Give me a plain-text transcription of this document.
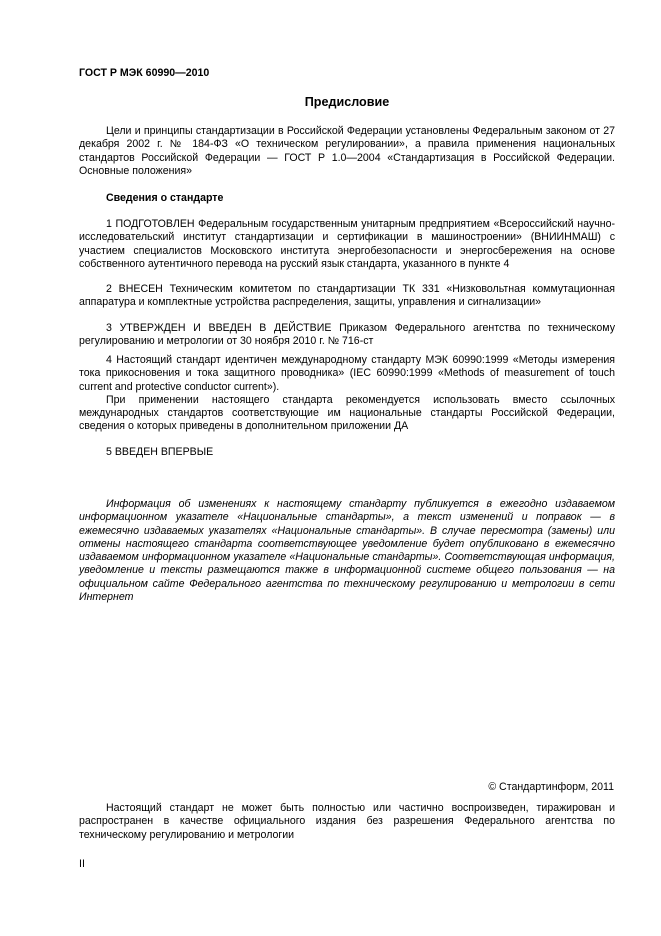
ГОСТ Р МЭК 60990—2010
Предисловие

Цели и принципы стандартизации в Российской Федерации установлены Федеральным законом от 27 декабря 2002 г. № 184-ФЗ «О техническом регулировании», а правила применения национальных стандартов Российской Федерации — ГОСТ Р 1.0—2004 «Стандартизация в Российской Федерации. Основные положения»

Сведения о стандарте

1 ПОДГОТОВЛЕН Федеральным государственным унитарным предприятием «Всероссийский научно-исследовательский институт стандартизации и сертификации в машиностроении» (ВНИИНМАШ) с участием специалистов Московского института энергобезопасности и энергосбережения на основе собственного аутентичного перевода на русский язык стандарта, указанного в пункте 4

2 ВНЕСЕН Техническим комитетом по стандартизации ТК 331 «Низковольтная коммутационная аппаратура и комплектные устройства распределения, защиты, управления и сигнализации»

3 УТВЕРЖДЕН И ВВЕДЕН В ДЕЙСТВИЕ Приказом Федерального агентства по техническому регулированию и метрологии от 30 ноября 2010 г. № 716-ст

4 Настоящий стандарт идентичен международному стандарту МЭК 60990:1999 «Методы измерения тока прикосновения и тока защитного проводника» (IEC 60990:1999 «Methods of measurement of touch current and protective conductor current»).

При применении настоящего стандарта рекомендуется использовать вместо ссылочных международных стандартов соответствующие им национальные стандарты Российской Федерации, сведения о которых приведены в дополнительном приложении ДА

5 ВВЕДЕН ВПЕРВЫЕ

Информация об изменениях к настоящему стандарту публикуется в ежегодно издаваемом информационном указателе «Национальные стандарты», а текст изменений и поправок — в ежемесячно издаваемых указателях «Национальные стандарты». В случае пересмотра (замены) или отмены настоящего стандарта соответствующее уведомление будет опубликовано в ежемесячно издаваемом информационном указателе «Национальные стандарты». Соответствующая информация, уведомление и тексты размещаются также в информационной системе общего пользования — на официальном сайте Федерального агентства по техническому регулированию и метрологии в сети Интернет

© Стандартинформ, 2011

Настоящий стандарт не может быть полностью или частично воспроизведен, тиражирован и распространен в качестве официального издания без разрешения Федерального агентства по техническому регулированию и метрологии

II
